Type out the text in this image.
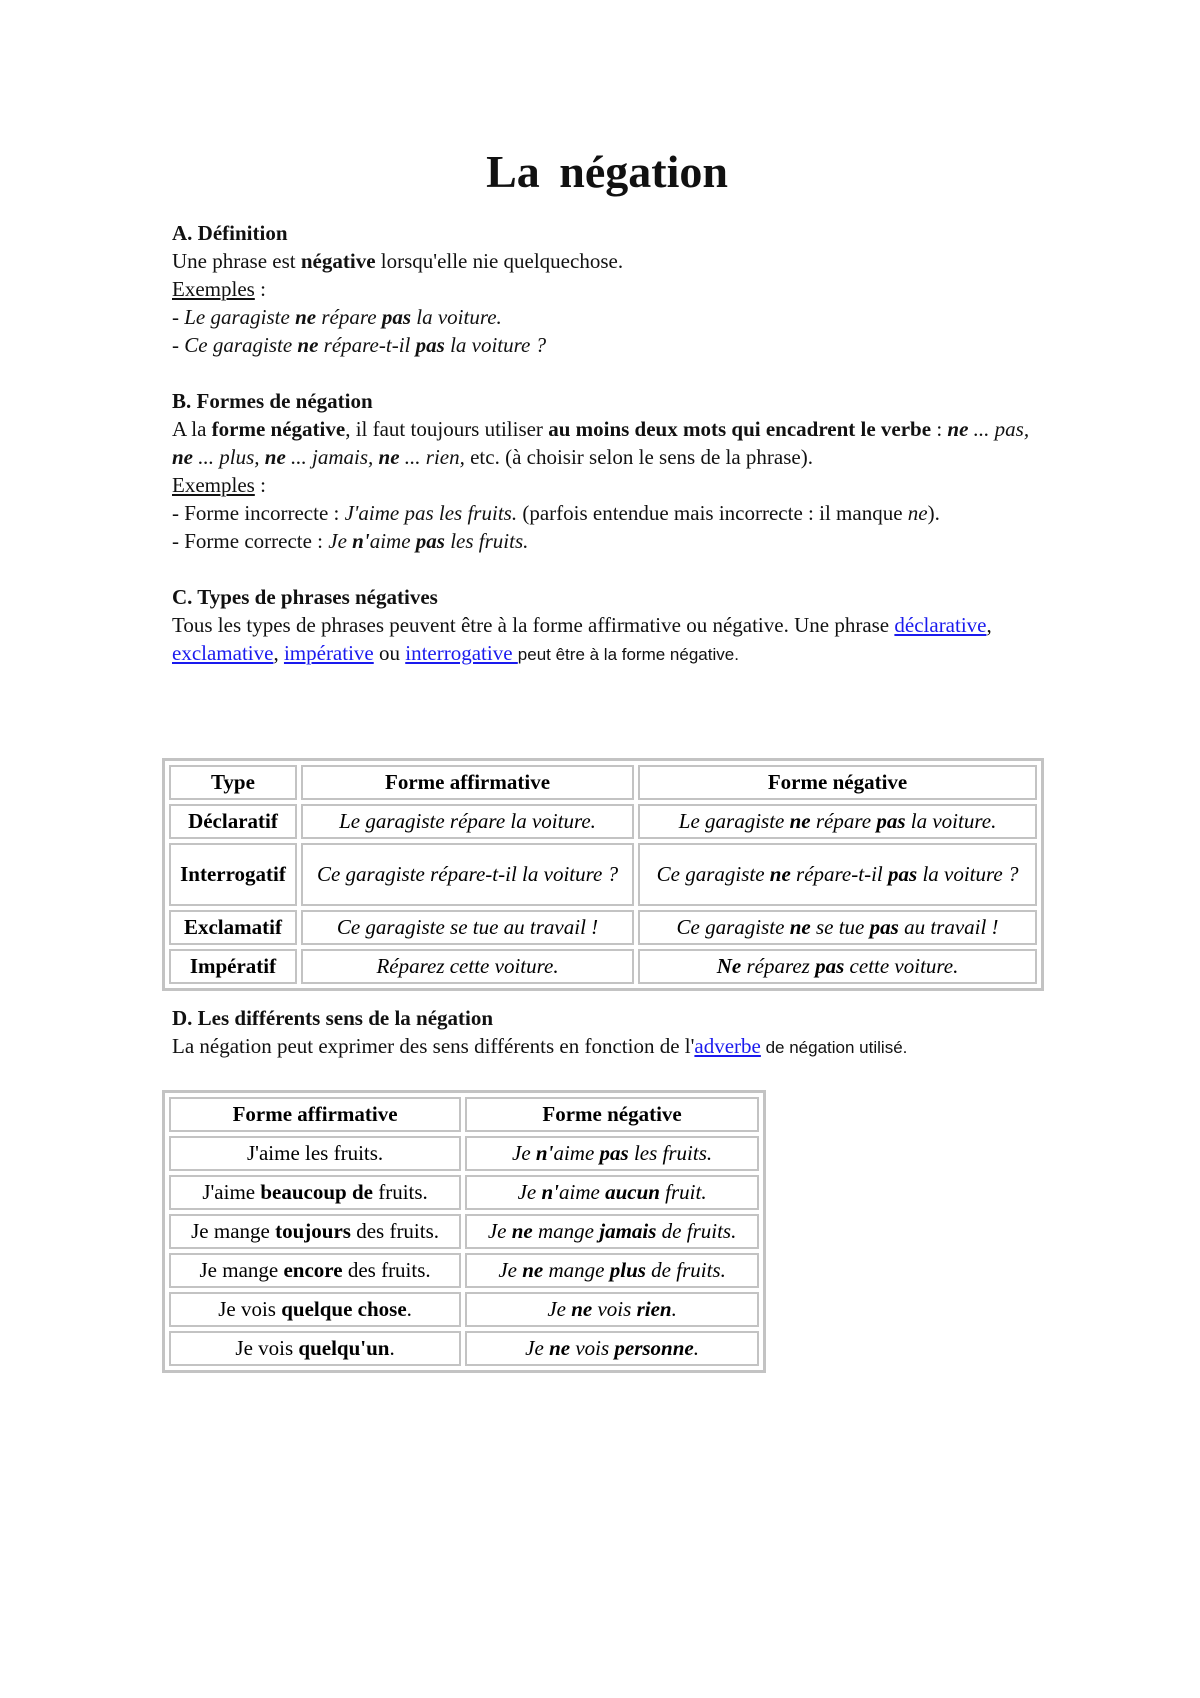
La négation
A. Définition
Une phrase est négative lorsqu'elle nie quelquechose.
Exemples :
- Le garagiste ne répare pas la voiture.
- Ce garagiste ne répare-t-il pas la voiture ?
B. Formes de négation
A la forme négative, il faut toujours utiliser au moins deux mots qui encadrent le verbe : ne ... pas, ne ... plus, ne ... jamais, ne ... rien, etc. (à choisir selon le sens de la phrase).
Exemples :
- Forme incorrecte : J'aime pas les fruits. (parfois entendue mais incorrecte : il manque ne).
- Forme correcte : Je n'aime pas les fruits.
C. Types de phrases négatives
Tous les types de phrases peuvent être à la forme affirmative ou négative. Une phrase déclarative, exclamative, impérative ou interrogative peut être à la forme négative.
Type	Forme affirmative	Forme négative
Déclaratif	Le garagiste répare la voiture.	Le garagiste ne répare pas la voiture.
Interrogatif	Ce garagiste répare-t-il la voiture ?	Ce garagiste ne répare-t-il pas la voiture ?
Exclamatif	Ce garagiste se tue au travail !	Ce garagiste ne se tue pas au travail !
Impératif	Réparez cette voiture.	Ne réparez pas cette voiture.
D. Les différents sens de la négation
La négation peut exprimer des sens différents en fonction de l'adverbe de négation utilisé.
Forme affirmative	Forme négative
J'aime les fruits.	Je n'aime pas les fruits.
J'aime beaucoup de fruits.	Je n'aime aucun fruit.
Je mange toujours des fruits.	Je ne mange jamais de fruits.
Je mange encore des fruits.	Je ne mange plus de fruits.
Je vois quelque chose.	Je ne vois rien.
Je vois quelqu'un.	Je ne vois personne.
